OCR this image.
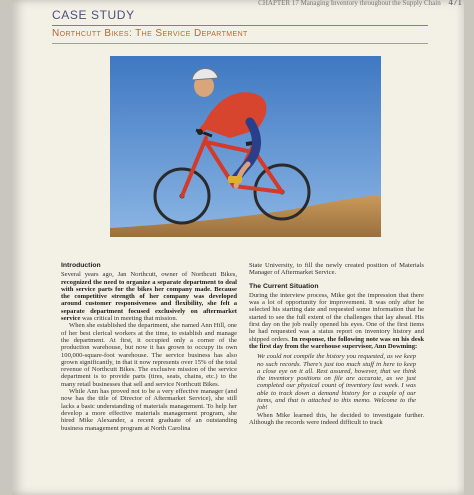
CHAPTER 17 Managing Inventory throughout the Supply Chain 471
CASE STUDY
Northcutt Bikes: The Service Department
Introduction

Several years ago, Jan Northcutt, owner of Northcutt Bikes, recognized the need to organize a separate department to deal with service parts for the bikes her company made. Because the competitive strength of her company was developed around customer responsiveness and flexibility, she felt a separate department focused exclusively on aftermarket service was critical in meeting that mission.

When she established the department, she named Ann Hill, one of her best clerical workers at the time, to establish and manage the department. At first, it occupied only a corner of the production warehouse, but now it has grown to occupy its own 100,000-square-foot warehouse. The service business has also grown significantly, in that it now represents over 15% of the total revenue of Northcutt Bikes. The exclusive mission of the service department is to provide parts (tires, seats, chains, etc.) to the many retail businesses that sell and service Northcutt Bikes.

While Ann has proved not to be a very effective manager (and now has the title of Director of Aftermarket Service), she still lacks a basic understanding of materials management. To help her develop a more effective materials management program, she hired Mike Alexander, a recent graduate of an outstanding business management program at North Carolina

State University, to fill the newly created position of Materials Manager of Aftermarket Service.

The Current Situation

During the interview process, Mike got the impression that there was a lot of opportunity for improvement. It was only after he selected his starting date and requested some information that he started to see the full extent of the challenges that lay ahead. His first day on the job really opened his eyes. One of the first items he had requested was a status report on inventory history and shipped orders. In response, the following note was on his desk the first day from the warehouse supervisor, Ann Dowming:

We could not compile the history you requested, as we keep no such records. There's just too much stuff in here to keep a close eye on it all. Rest assured, however, that we think the inventory positions on file are accurate, as we just completed our physical count of inventory last week. I was able to track down a demand history for a couple of our items, and that is attached to this memo. Welcome to the job!

When Mike learned this, he decided to investigate further. Although the records were indeed difficult to track
